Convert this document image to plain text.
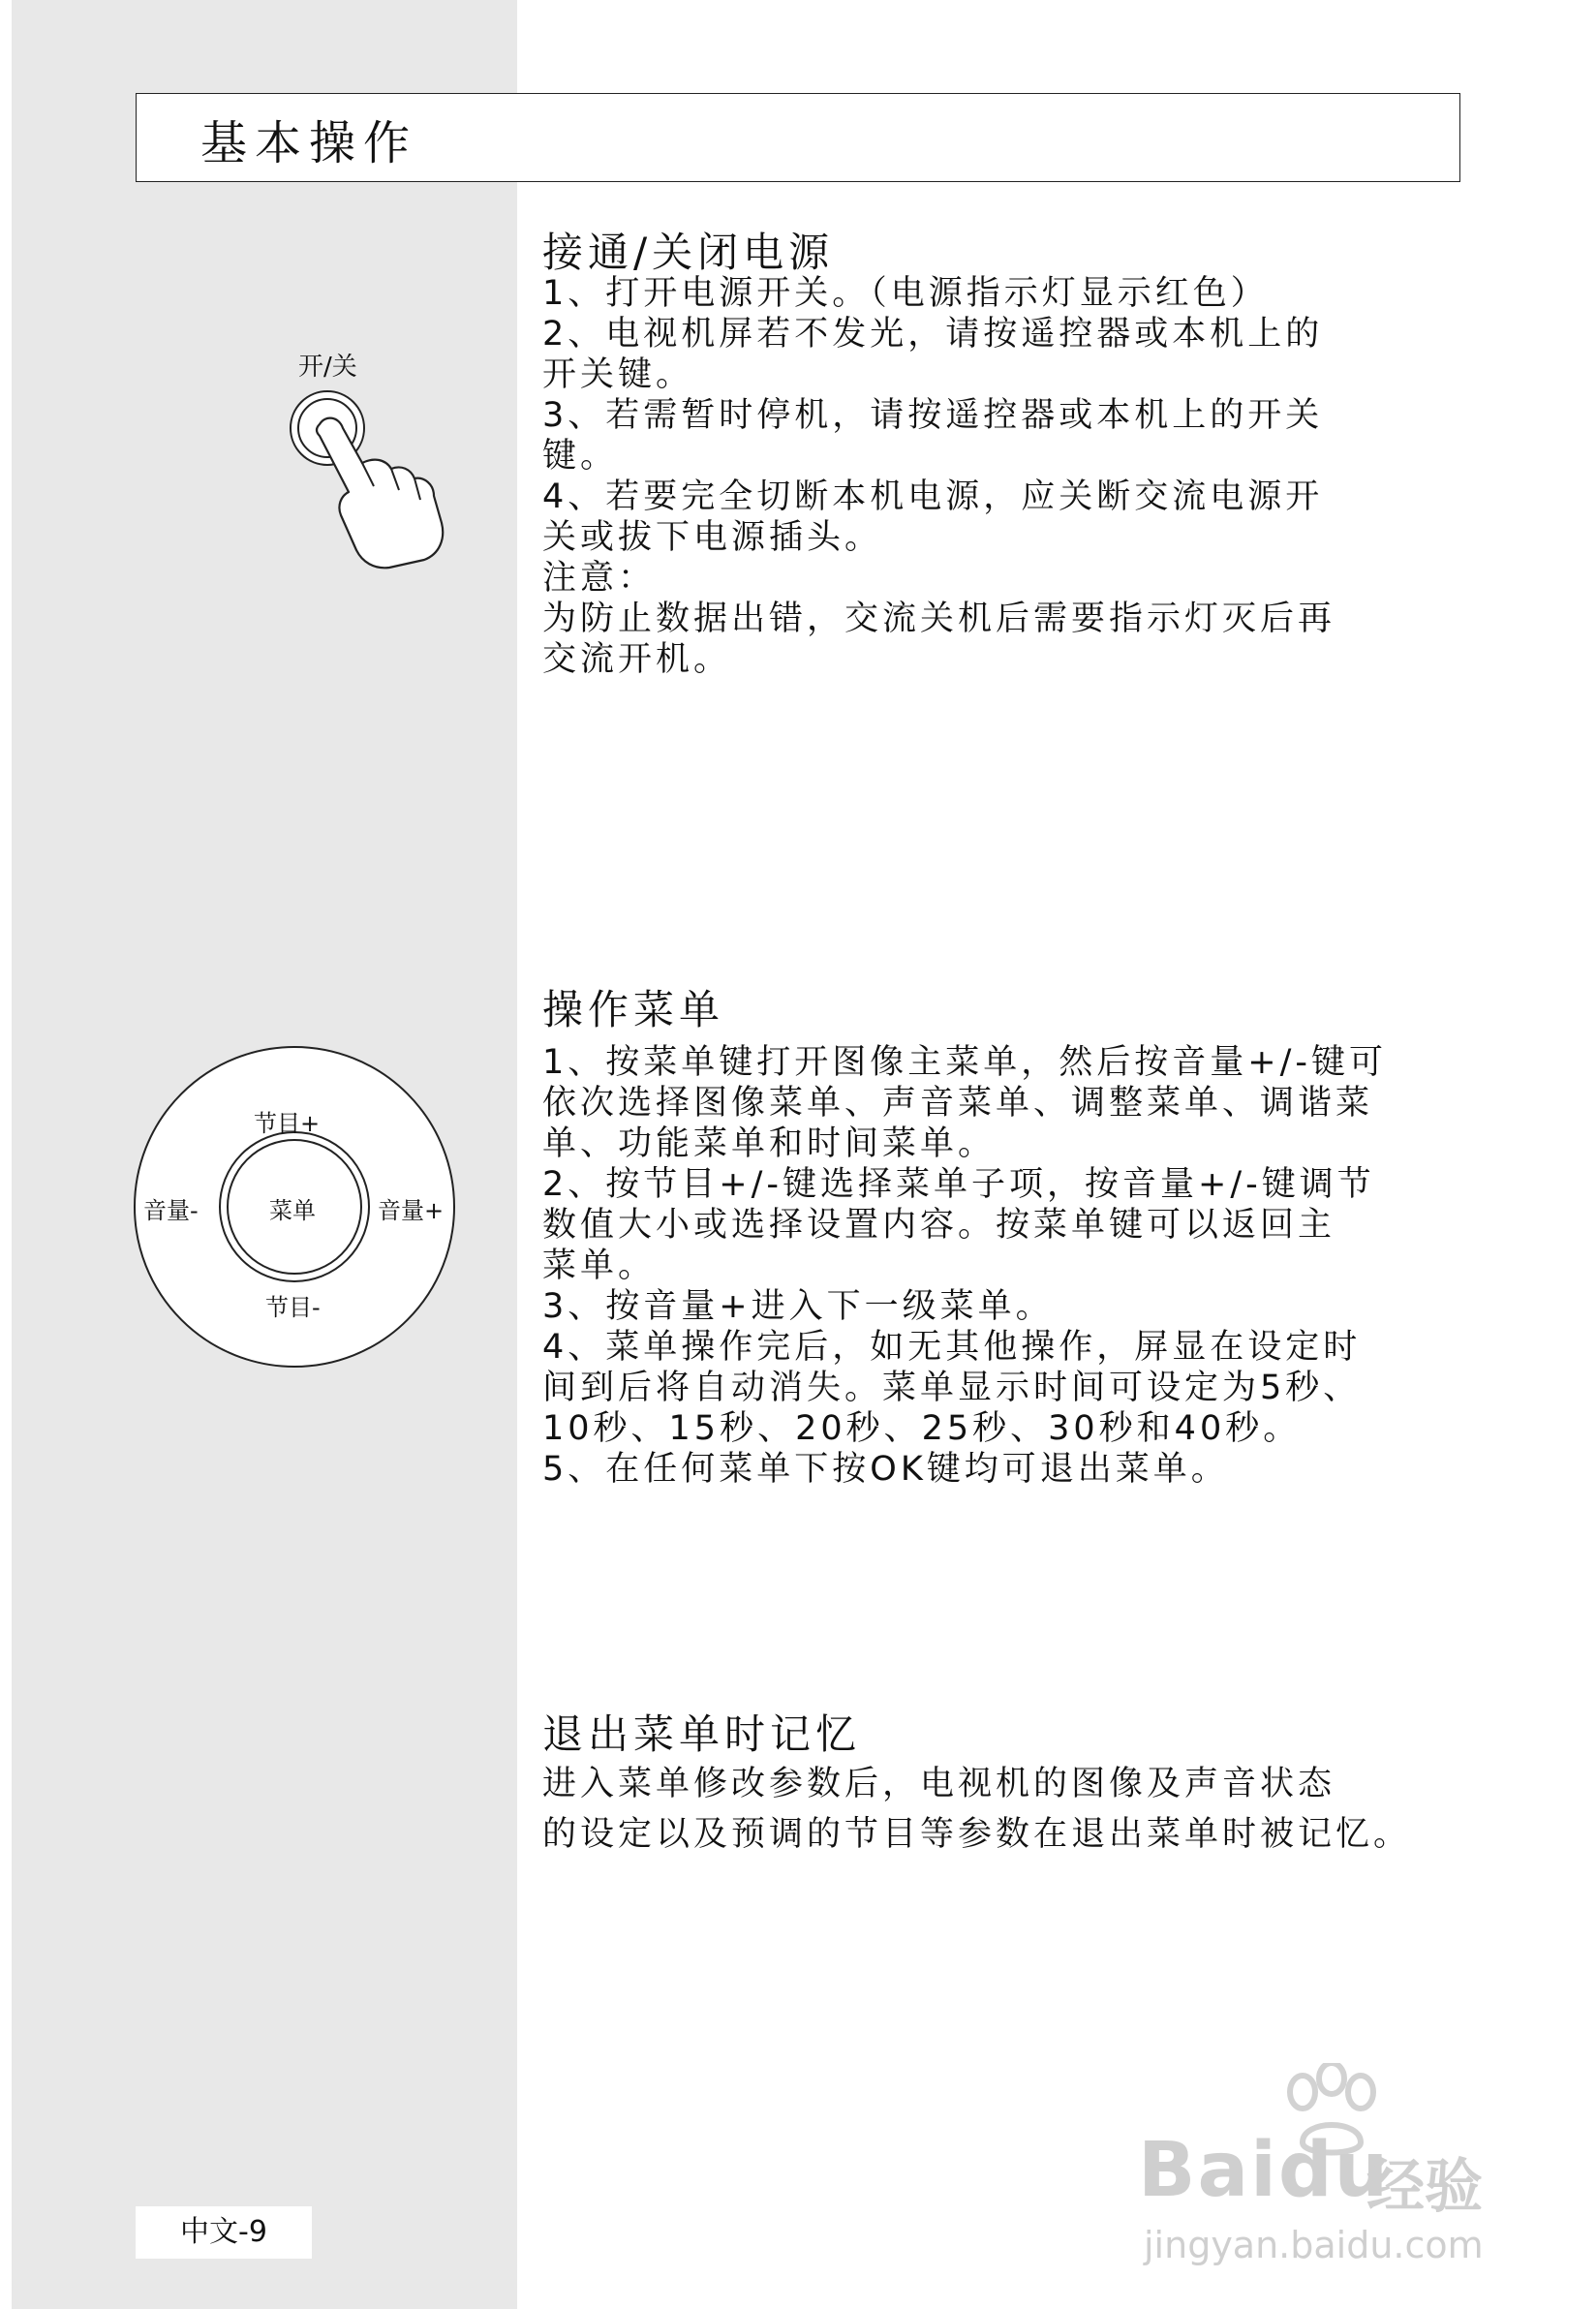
基本操作
接通/关闭电源
1、打开电源开关。（电源指示灯显示红色）
2、电视机屏若不发光，请按遥控器或本机上的
开关键。
3、若需暂时停机，请按遥控器或本机上的开关
键。
4、若要完全切断本机电源，应关断交流电源开
关或拔下电源插头。
注意：
为防止数据出错，交流关机后需要指示灯灭后再
交流开机。
开/关
操作菜单
1、按菜单键打开图像主菜单，然后按音量+/-键可
依次选择图像菜单、声音菜单、调整菜单、调谐菜
单、功能菜单和时间菜单。
2、按节目+/-键选择菜单子项，按音量+/-键调节
数值大小或选择设置内容。按菜单键可以返回主
菜单。
3、按音量+进入下一级菜单。
4、菜单操作完后，如无其他操作，屏显在设定时
间到后将自动消失。菜单显示时间可设定为5秒、
10秒、15秒、20秒、25秒、30秒和40秒。
5、在任何菜单下按OK键均可退出菜单。
节目+
节目-
音量-	音量+
菜单
退出菜单时记忆
进入菜单修改参数后，电视机的图像及声音状态
的设定以及预调的节目等参数在退出菜单时被记忆。
Baidu
经验
jingyan.baidu.com
中文-9
